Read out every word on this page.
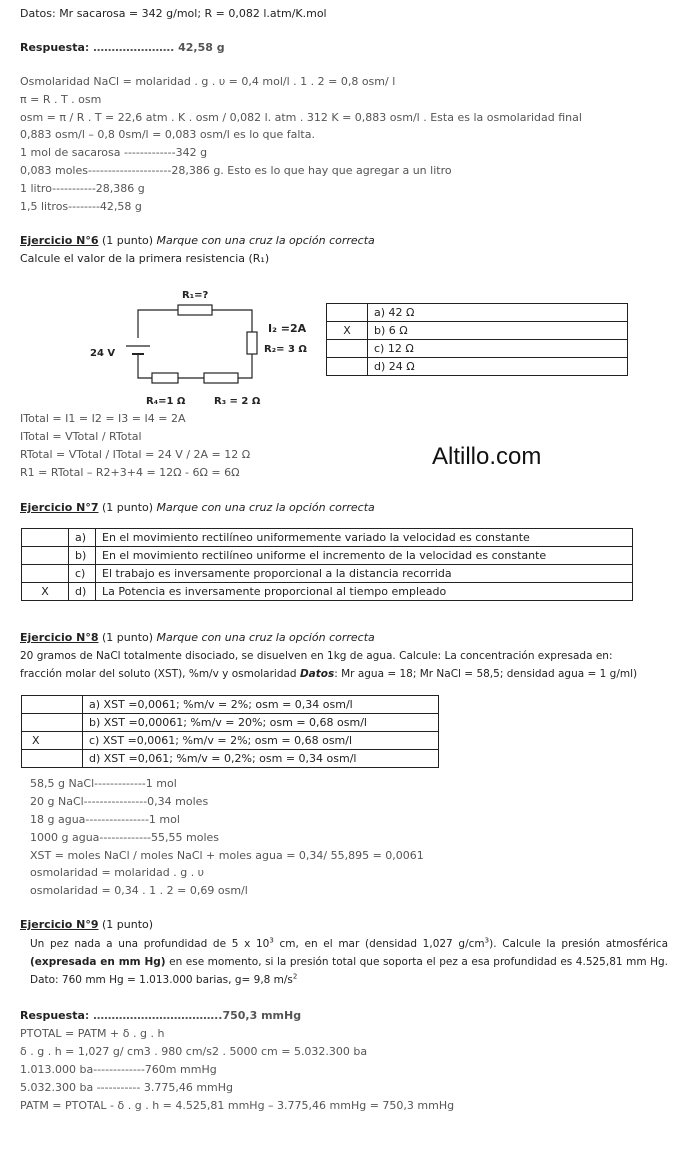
Datos: Mr sacarosa = 342 g/mol; R = 0,082 l.atm/K.mol
Respuesta: …………………. 42,58 g
Osmolaridad NaCl = molaridad . g . υ = 0,4 mol/l . 1 . 2 = 0,8 osm/ l
π = R . T . osm
osm = π / R . T = 22,6 atm . K . osm / 0,082 l. atm . 312 K = 0,883 osm/l . Esta es la osmolaridad final
0,883 osm/l – 0,8 0sm/l = 0,083 osm/l es lo que falta.
1 mol de sacarosa -------------342 g
0,083 moles---------------------28,386 g. Esto es lo que hay que agregar a un litro
1 litro-----------28,386 g
1,5 litros--------42,58 g
Ejercicio N°6 (1 punto) Marque con una cruz la opción correcta
Calcule el valor de la primera resistencia (R₁)
R₁=?
I₂ =2A
R₂= 3 Ω
24 V
R₄=1 Ω	R₃ = 2 Ω
	a) 42 Ω
X	b) 6 Ω
	c) 12 Ω
	d) 24 Ω
ITotal = I1 = I2 = I3 = I4 = 2A
ITotal = VTotal / RTotal
RTotal = VTotal / ITotal = 24 V / 2A = 12 Ω
R1 = RTotal – R2+3+4 = 12Ω - 6Ω = 6Ω
Altillo.com
Ejercicio N°7 (1 punto) Marque con una cruz la opción correcta
	a)	En el movimiento rectilíneo uniformemente variado la velocidad es constante
	b)	En el movimiento rectilíneo uniforme el incremento de la velocidad es constante
	c)	El trabajo es inversamente proporcional a la distancia recorrida
X	d)	La Potencia es inversamente proporcional al tiempo empleado
Ejercicio N°8 (1 punto) Marque con una cruz la opción correcta
20 gramos de NaCl totalmente disociado, se disuelven en 1kg de agua. Calcule: La concentración expresada en:
fracción molar del soluto (XST), %m/v y osmolaridad Datos: Mr agua = 18; Mr NaCl = 58,5; densidad agua = 1 g/ml)
	a) XST =0,0061; %m/v = 2%; osm = 0,34 osm/l
	b) XST =0,00061; %m/v = 20%; osm = 0,68 osm/l
X	c) XST =0,0061; %m/v = 2%; osm = 0,68 osm/l
	d) XST =0,061; %m/v = 0,2%; osm = 0,34 osm/l
58,5 g NaCl-------------1 mol
20 g NaCl----------------0,34 moles
18 g agua----------------1 mol
1000 g agua-------------55,55 moles
XST = moles NaCl / moles NaCl + moles agua = 0,34/ 55,895 = 0,0061
osmolaridad = molaridad . g . υ
osmolaridad = 0,34 . 1 . 2 = 0,69 osm/l
Ejercicio N°9 (1 punto)
Un pez nada a una profundidad de 5 x $10^3$ cm, en el mar (densidad 1,027 $g/cm^3$). Calcule la presión atmosférica (expresada en mm Hg) en ese momento, si la presión total que soporta el pez a esa profundidad es 4.525,81 mm Hg. Dato: 760 mm Hg = 1.013.000 barias, g= 9,8 $m/s^2$
Respuesta: ……………………………..750,3 mmHg
PTOTAL = PATM + δ . g . h
δ . g . h = 1,027 g/ cm3 . 980 cm/s2 . 5000 cm = 5.032.300 ba
1.013.000 ba-------------760m mmHg
5.032.300 ba ----------- 3.775,46 mmHg
PATM = PTOTAL - δ . g . h = 4.525,81 mmHg – 3.775,46 mmHg = 750,3 mmHg
